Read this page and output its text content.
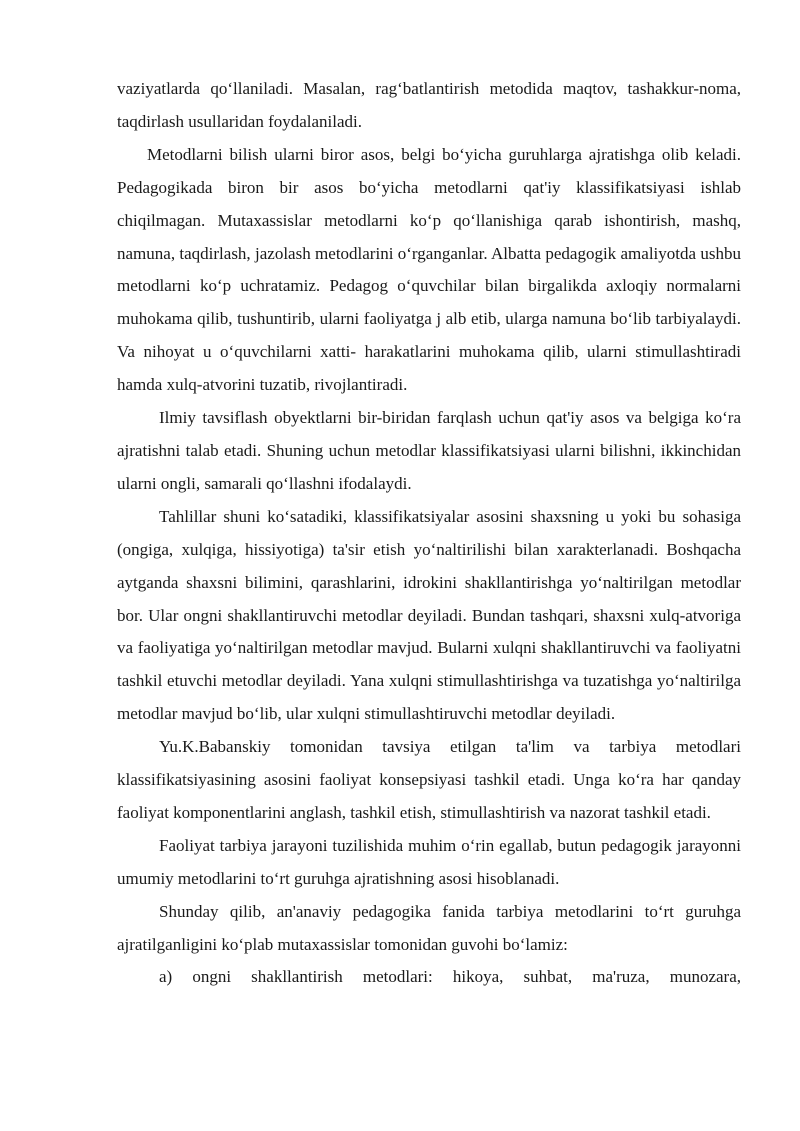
vaziyatlarda qo‘llaniladi. Masalan, rag‘batlantirish metodida maqtov, tashakkur-noma, taqdirlash usullaridan foydalaniladi.

Metodlarni bilish ularni biror asos, belgi bo‘yicha guruhlarga ajratishga olib keladi. Pedagogikada biron bir asos bo‘yicha metodlarni qat'iy klassifikatsiyasi ishlab chiqilmagan. Mutaxassislar metodlarni ko‘p qo‘llanishiga qarab ishontirish, mashq, namuna, taqdirlash, jazolash metodlarini o‘rganganlar. Albatta pedagogik amaliyotda ushbu metodlarni ko‘p uchratamiz. Pedagog o‘quvchilar bilan birgalikda axloqiy normalarni muhokama qilib, tushuntirib, ularni faoliyatga j alb etib, ularga namuna bo‘lib tarbiyalaydi. Va nihoyat u o‘quvchilarni xatti- harakatlarini muhokama qilib, ularni stimullashtiradi hamda xulq-atvorini tuzatib, rivojlantiradi.

Ilmiy tavsiflash obyektlarni bir-biridan farqlash uchun qat'iy asos va belgiga ko‘ra ajratishni talab etadi. Shuning uchun metodlar klassifikatsiyasi ularni bilishni, ikkinchidan ularni ongli, samarali qo‘llashni ifodalaydi.

Tahlillar shuni ko‘satadiki, klassifikatsiyalar asosini shaxsning u yoki bu sohasiga (ongiga, xulqiga, hissiyotiga) ta'sir etish yo‘naltirilishi bilan xarakterlanadi. Boshqacha aytganda shaxsni bilimini, qarashlarini, idrokini shakllantirishga yo‘naltirilgan metodlar bor. Ular ongni shakllantiruvchi metodlar deyiladi. Bundan tashqari, shaxsni xulq-atvoriga va faoliyatiga yo‘naltirilgan metodlar mavjud. Bularni xulqni shakllantiruvchi va faoliyatni tashkil etuvchi metodlar deyiladi. Yana xulqni stimullashtirishga va tuzatishga yo‘naltirilga metodlar mavjud bo‘lib, ular xulqni stimullashtiruvchi metodlar deyiladi.

Yu.K.Babanskiy tomonidan tavsiya etilgan ta'lim va tarbiya metodlari klassifikatsiyasining asosini faoliyat konsepsiyasi tashkil etadi. Unga ko‘ra har qanday faoliyat komponentlarini anglash, tashkil etish, stimullashtirish va nazorat tashkil etadi.

Faoliyat tarbiya jarayoni tuzilishida muhim o‘rin egallab, butun pedagogik jarayonni umumiy metodlarini to‘rt guruhga ajratishning asosi hisoblanadi.

Shunday qilib, an'anaviy pedagogika fanida tarbiya metodlarini to‘rt guruhga ajratilganligini ko‘plab mutaxassislar tomonidan guvohi bo‘lamiz:

a) ongni shakllantirish metodlari: hikoya, suhbat, ma'ruza, munozara,
